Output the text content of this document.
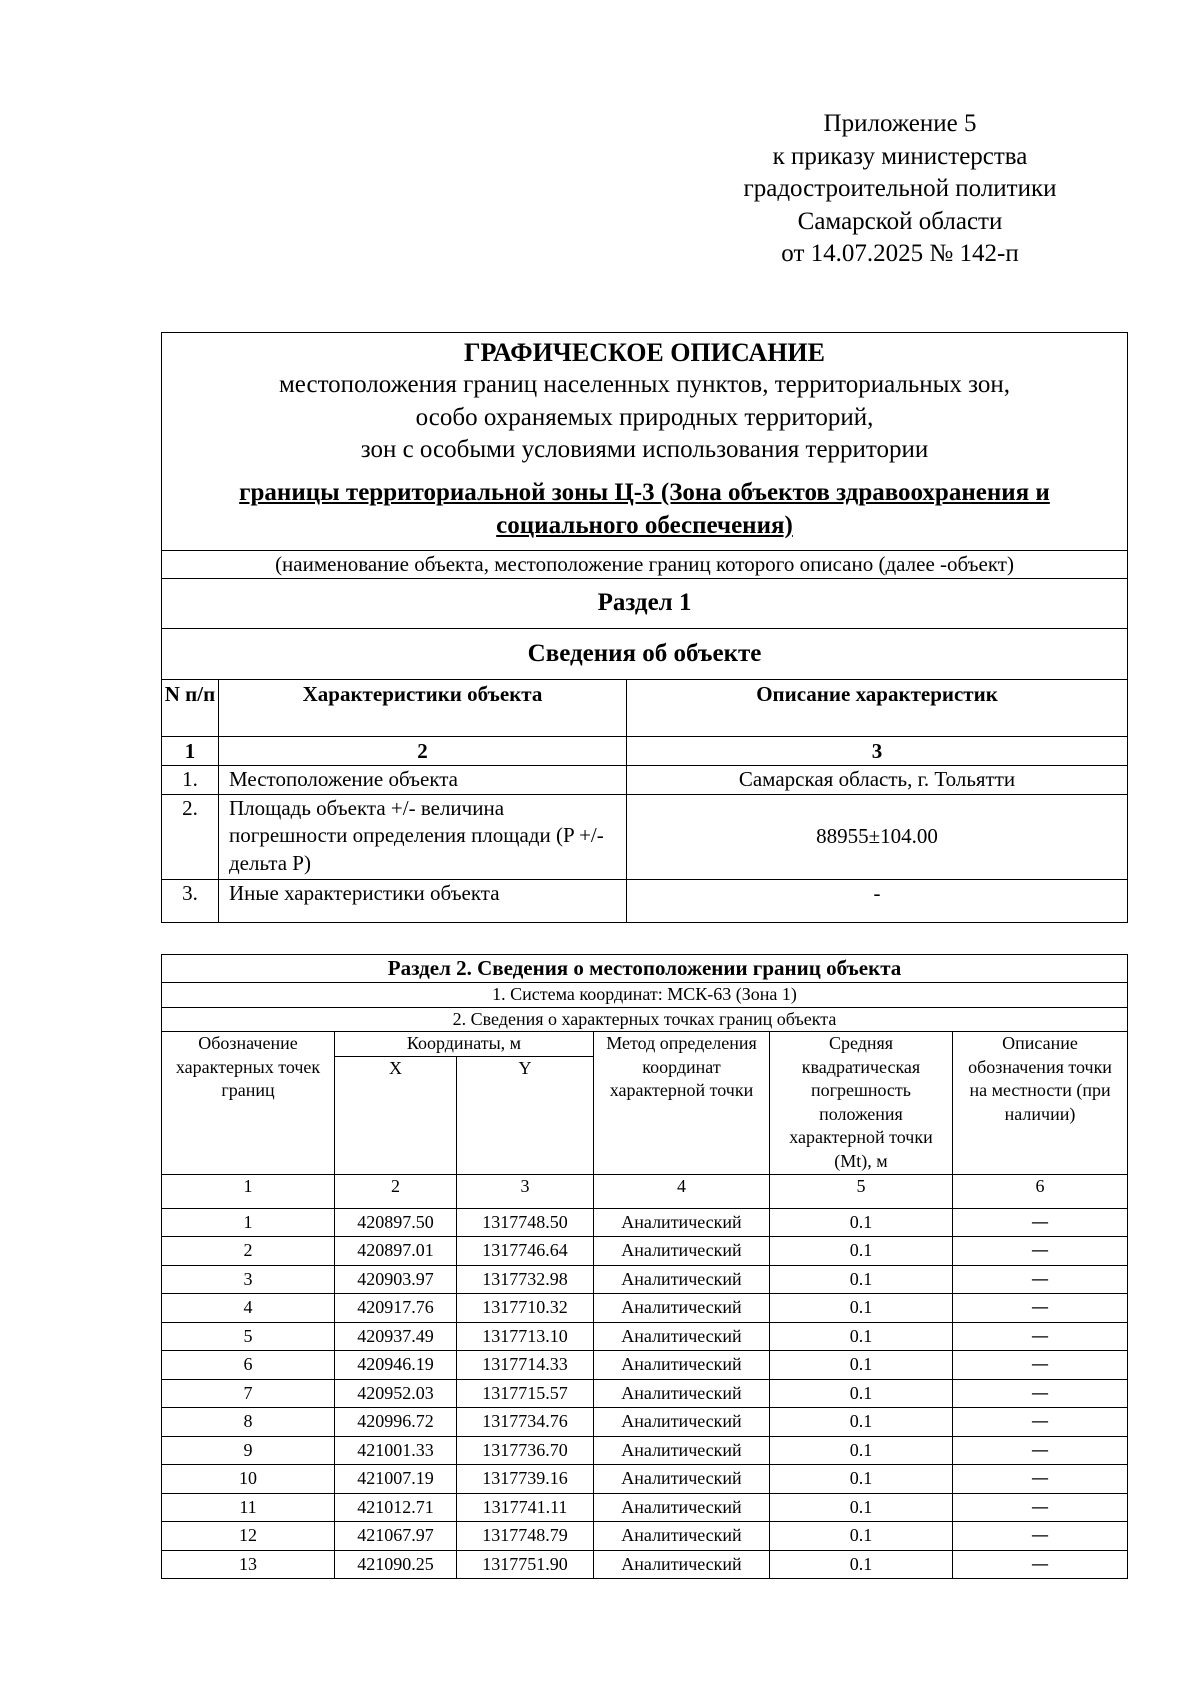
Приложение 5
к приказу министерства
градостроительной политики
Самарской области
от 14.07.2025 № 142-п
ГРАФИЧЕСКОЕ ОПИСАНИЕ
местоположения границ населенных пунктов, территориальных зон,
особо охраняемых природных территорий,
зон с особыми условиями использования территории
границы территориальной зоны Ц-3 (Зона объектов здравоохранения и социального обеспечения)		

(наименование объекта, местоположение границ которого описано (далее -объект)		
Раздел 1		
Сведения об объекте		
N п/п	Характеристики объекта	Описание характеристик
1	2	3
1.	Местоположение объекта	Самарская область, г. Тольятти
2.	Площадь объекта +/- величина погрешности определения площади (P +/-дельта P)	88955±104.00
3.	Иные характеристики объекта	-
Раздел 2. Сведения о местоположении границ объекта					
1. Система координат: МСК-63 (Зона 1)					
2. Сведения о характерных точках границ объекта					
Обозначение характерных точек границ	Координаты, м		Метод определения координат характерной точки	Средняя квадратическая погрешность положения характерной точки (Mt), м	Описание обозначения точки на местности (при наличии)
	X	Y			
1	2	3	4	5	6
1	420897.50	1317748.50	Аналитический	0.1	—
2	420897.01	1317746.64	Аналитический	0.1	—
3	420903.97	1317732.98	Аналитический	0.1	—
4	420917.76	1317710.32	Аналитический	0.1	—
5	420937.49	1317713.10	Аналитический	0.1	—
6	420946.19	1317714.33	Аналитический	0.1	—
7	420952.03	1317715.57	Аналитический	0.1	—
8	420996.72	1317734.76	Аналитический	0.1	—
9	421001.33	1317736.70	Аналитический	0.1	—
10	421007.19	1317739.16	Аналитический	0.1	—
11	421012.71	1317741.11	Аналитический	0.1	—
12	421067.97	1317748.79	Аналитический	0.1	—
13	421090.25	1317751.90	Аналитический	0.1	—
